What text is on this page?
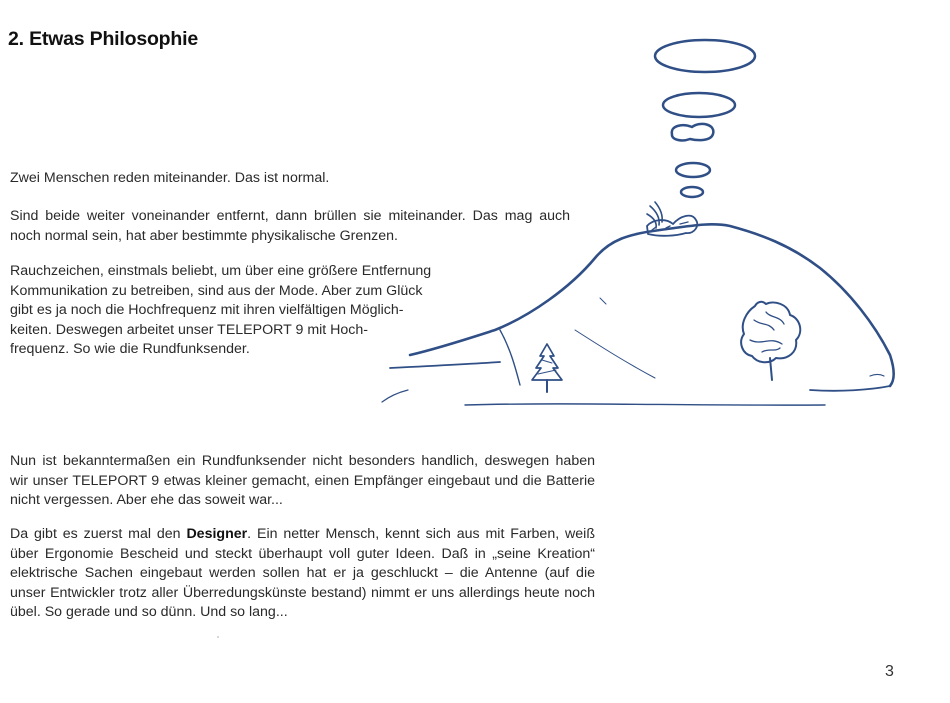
2. Etwas Philosophie

Zwei Menschen reden miteinander. Das ist normal.

Sind beide weiter voneinander entfernt, dann brüllen sie miteinander. Das mag auch noch normal sein, hat aber bestimmte physikalische Grenzen.

Rauchzeichen, einstmals beliebt, um über eine größere Entfernung
Kommunikation zu betreiben, sind aus der Mode. Aber zum Glück
gibt es ja noch die Hochfrequenz mit ihren vielfältigen Möglich-
keiten. Deswegen arbeitet unser TELEPORT 9 mit Hoch-
frequenz. So wie die Rundfunksender.

Nun ist bekanntermaßen ein Rundfunksender nicht besonders handlich, deswegen haben wir unser TELEPORT 9 etwas kleiner gemacht, einen Empfänger eingebaut und die Batterie nicht vergessen. Aber ehe das soweit war...

Da gibt es zuerst mal den Designer. Ein netter Mensch, kennt sich aus mit Farben, weiß über Ergonomie Bescheid und steckt überhaupt voll guter Ideen. Daß in „seine Kreation“ elektrische Sachen eingebaut werden sollen hat er ja geschluckt – die Antenne (auf die unser Entwickler trotz aller Überredungskünste bestand) nimmt er uns allerdings heute noch übel. So gerade und so dünn. Und so lang...

3
